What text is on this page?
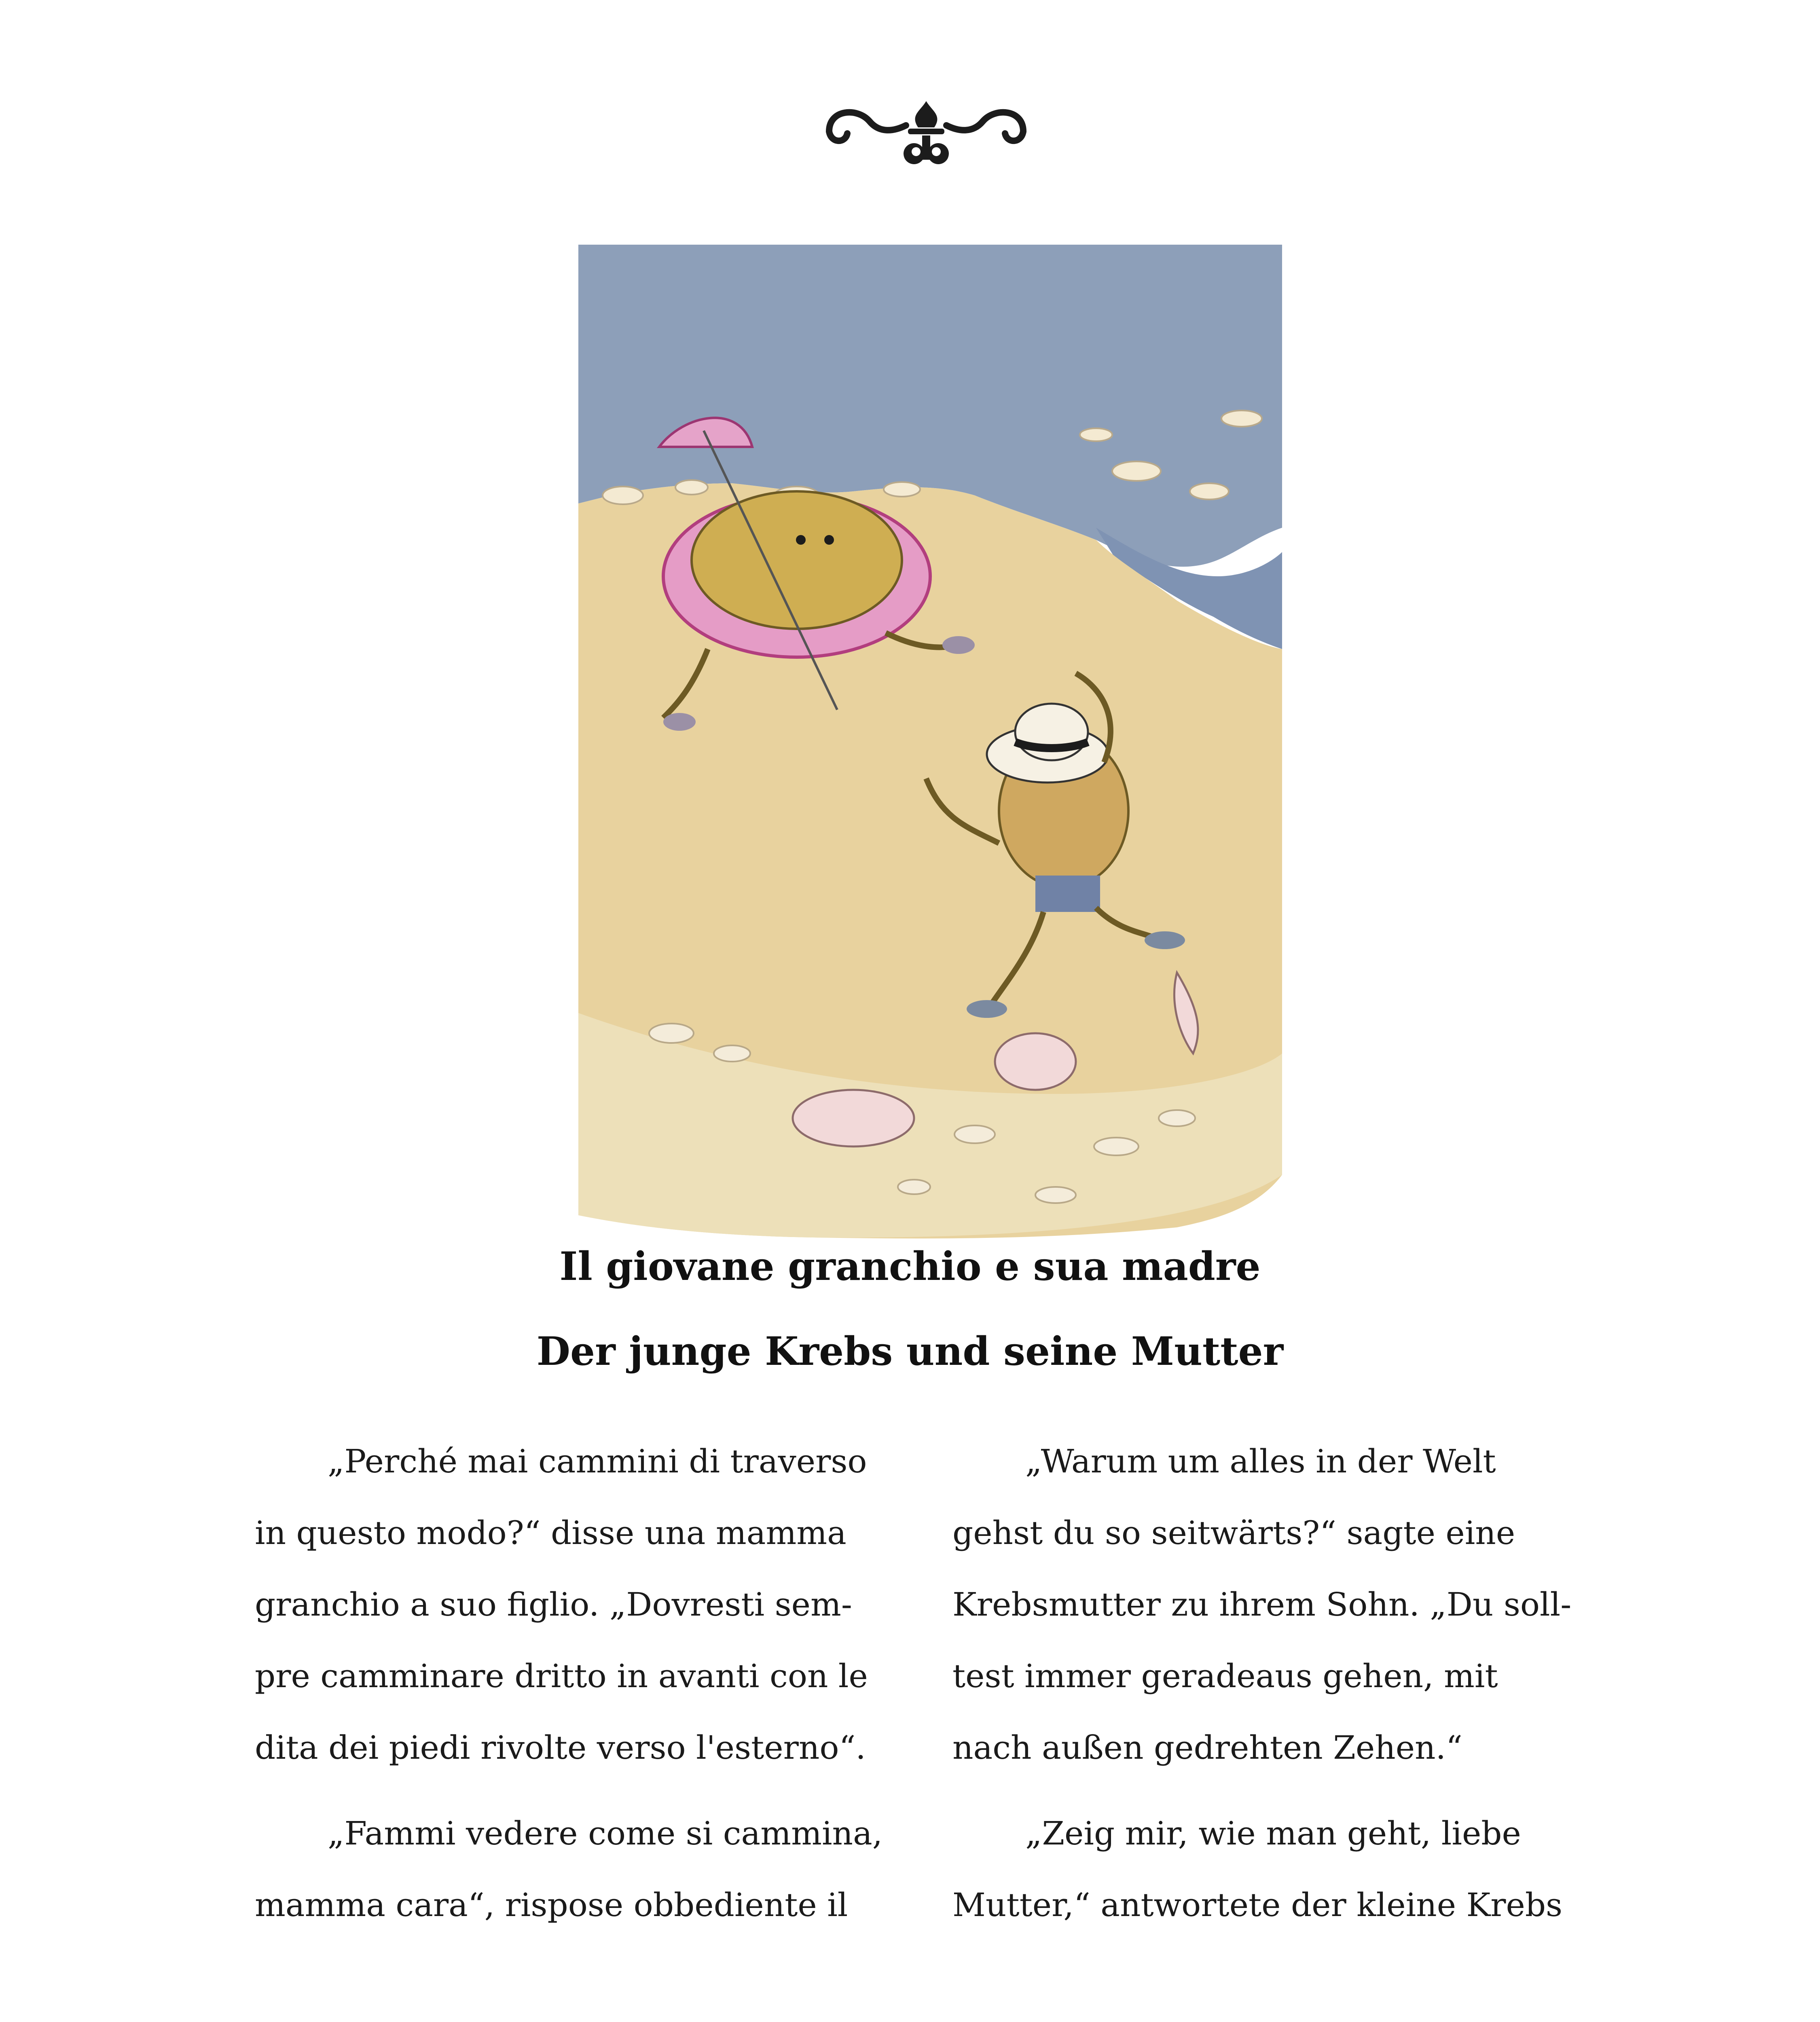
Il giovane granchio e sua madre
Der junge Krebs und seine Mutter
„Perché mai cammini di traverso
in questo modo?“ disse una mamma
granchio a suo figlio. „Dovresti sem-
pre camminare dritto in avanti con le
dita dei piedi rivolte verso l'esterno“.
„Fammi vedere come si cammina,
mamma cara“, rispose obbediente il
„Warum um alles in der Welt
gehst du so seitwärts?“ sagte eine
Krebsmutter zu ihrem Sohn. „Du soll-
test immer geradeaus gehen, mit
nach außen gedrehten Zehen.“
„Zeig mir, wie man geht, liebe
Mutter,“ antwortete der kleine Krebs
